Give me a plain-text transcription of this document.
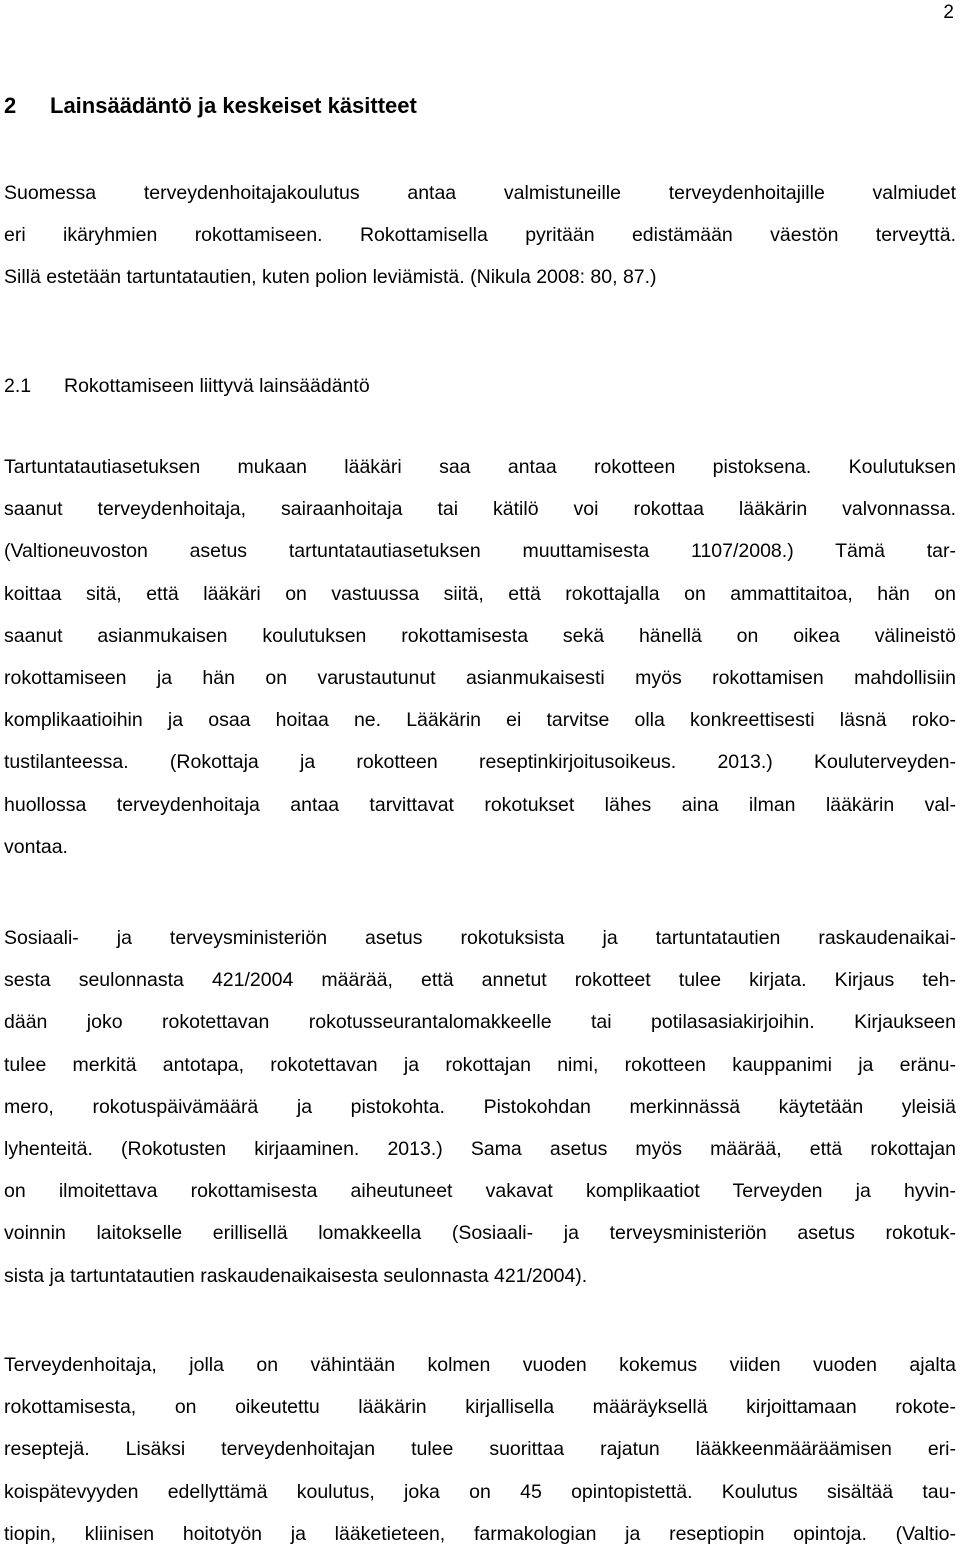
2
2 Lainsäädäntö ja keskeiset käsitteet
Suomessa terveydenhoitajakoulutus antaa valmistuneille terveydenhoitajille valmiudet
eri ikäryhmien rokottamiseen. Rokottamisella pyritään edistämään väestön terveyttä.
Sillä estetään tartuntatautien, kuten polion leviämistä. (Nikula 2008: 80, 87.)
2.1 Rokottamiseen liittyvä lainsäädäntö
Tartuntatautiasetuksen mukaan lääkäri saa antaa rokotteen pistoksena. Koulutuksen
saanut terveydenhoitaja, sairaanhoitaja tai kätilö voi rokottaa lääkärin valvonnassa.
(Valtioneuvoston asetus tartuntatautiasetuksen muuttamisesta 1107/2008.) Tämä tar-
koittaa sitä, että lääkäri on vastuussa siitä, että rokottajalla on ammattitaitoa, hän on
saanut asianmukaisen koulutuksen rokottamisesta sekä hänellä on oikea välineistö
rokottamiseen ja hän on varustautunut asianmukaisesti myös rokottamisen mahdollisiin
komplikaatioihin ja osaa hoitaa ne. Lääkärin ei tarvitse olla konkreettisesti läsnä roko-
tustilanteessa. (Rokottaja ja rokotteen reseptinkirjoitusoikeus. 2013.) Kouluterveyden-
huollossa terveydenhoitaja antaa tarvittavat rokotukset lähes aina ilman lääkärin val-
vontaa.
Sosiaali- ja terveysministeriön asetus rokotuksista ja tartuntatautien raskaudenaikai-
sesta seulonnasta 421/2004 määrää, että annetut rokotteet tulee kirjata. Kirjaus teh-
dään joko rokotettavan rokotusseurantalomakkeelle tai potilasasiakirjoihin. Kirjaukseen
tulee merkitä antotapa, rokotettavan ja rokottajan nimi, rokotteen kauppanimi ja eränu-
mero, rokotuspäivämäärä ja pistokohta. Pistokohdan merkinnässä käytetään yleisiä
lyhenteitä. (Rokotusten kirjaaminen. 2013.) Sama asetus myös määrää, että rokottajan
on ilmoitettava rokottamisesta aiheutuneet vakavat komplikaatiot Terveyden ja hyvin-
voinnin laitokselle erillisellä lomakkeella (Sosiaali- ja terveysministeriön asetus rokotuk-
sista ja tartuntatautien raskaudenaikaisesta seulonnasta 421/2004).
Terveydenhoitaja, jolla on vähintään kolmen vuoden kokemus viiden vuoden ajalta
rokottamisesta, on oikeutettu lääkärin kirjallisella määräyksellä kirjoittamaan rokote-
reseptejä. Lisäksi terveydenhoitajan tulee suorittaa rajatun lääkkeenmääräämisen eri-
koispätevyyden edellyttämä koulutus, joka on 45 opintopistettä. Koulutus sisältää tau-
tiopin, kliinisen hoitotyön ja lääketieteen, farmakologian ja reseptiopin opintoja. (Valtio-
